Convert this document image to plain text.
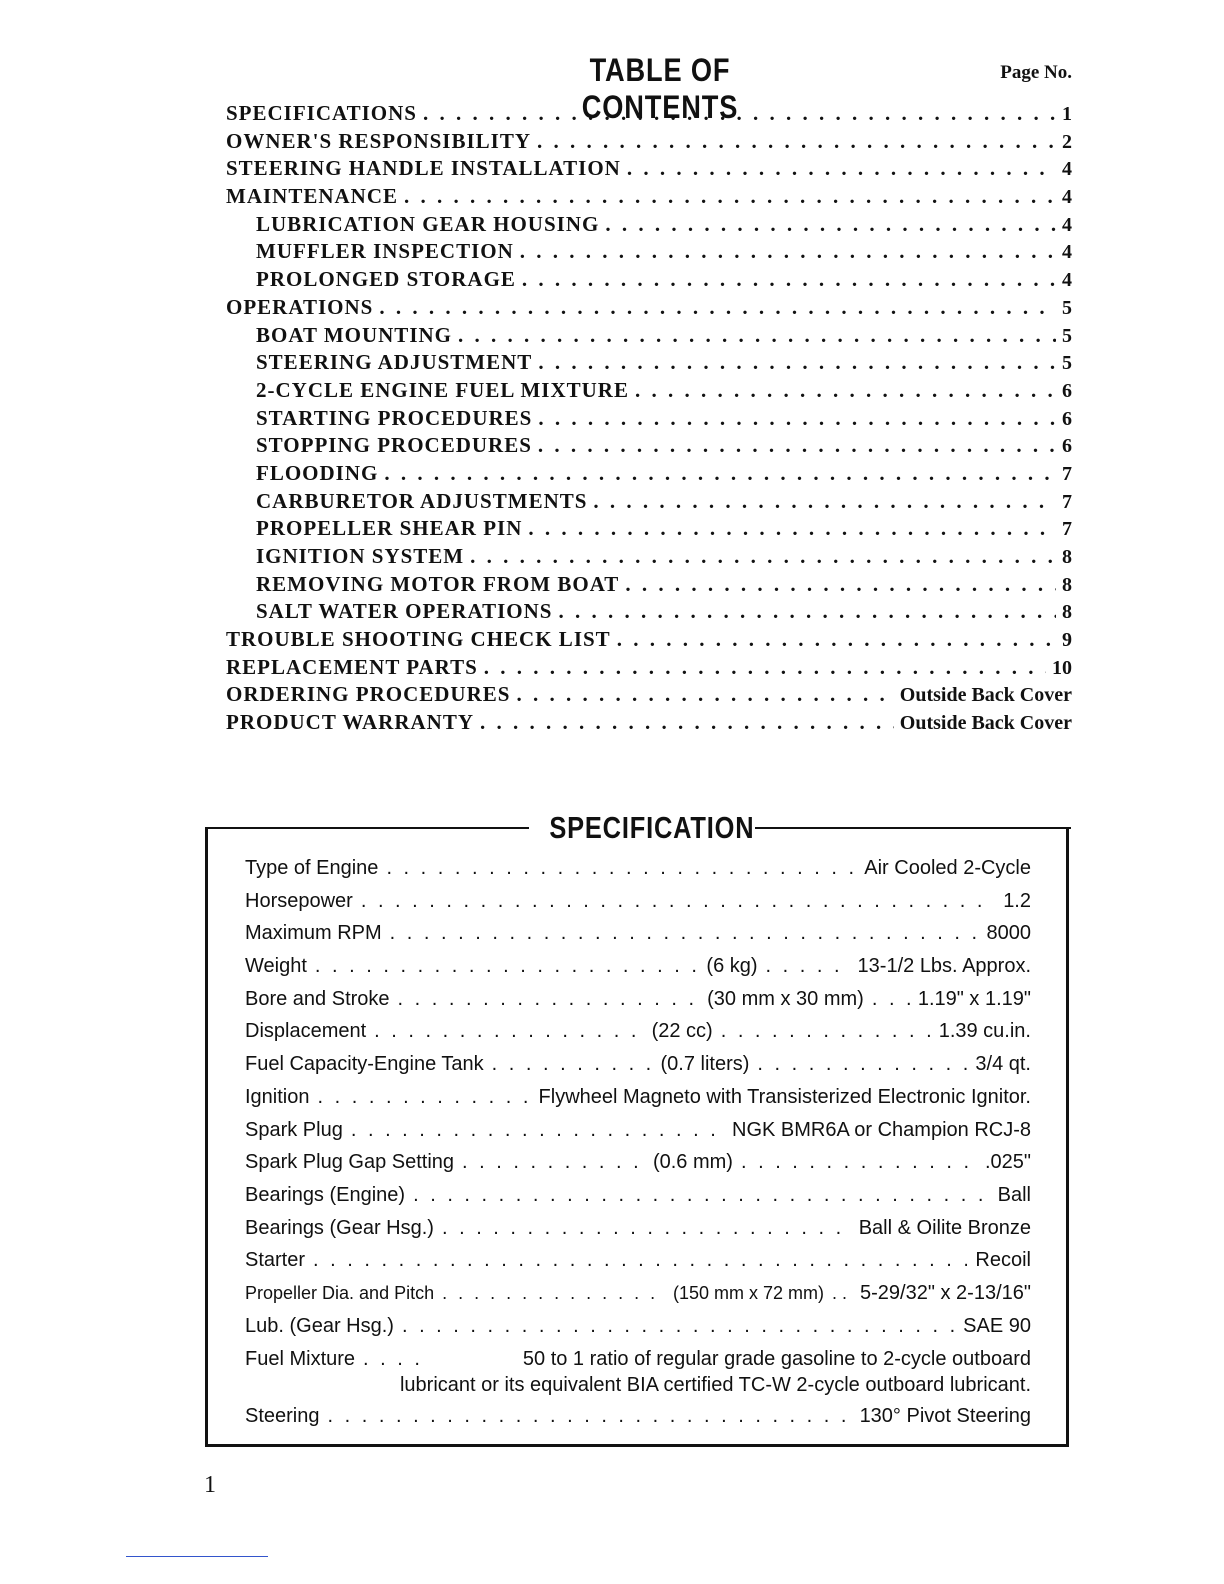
TABLE OF CONTENTS
Page No.
SPECIFICATIONS . . .	1
OWNER'S RESPONSIBILITY . . .	2
STEERING HANDLE INSTALLATION . . .	4
MAINTENANCE . . .	4
LUBRICATION GEAR HOUSING . . .	4
MUFFLER INSPECTION . . .	4
PROLONGED STORAGE . . .	4
OPERATIONS . . .	5
BOAT MOUNTING . . .	5
STEERING ADJUSTMENT . . .	5
2-CYCLE ENGINE FUEL MIXTURE . . .	6
STARTING PROCEDURES . . .	6
STOPPING PROCEDURES . . .	6
FLOODING . . .	7
CARBURETOR ADJUSTMENTS . . .	7
PROPELLER SHEAR PIN . . .	7
IGNITION SYSTEM . . .	8
REMOVING MOTOR FROM BOAT . . .	8
SALT WATER OPERATIONS . . .	8
TROUBLE SHOOTING CHECK LIST . . .	9
REPLACEMENT PARTS . . .	10
ORDERING PROCEDURES . . .	Outside Back Cover
PRODUCT WARRANTY . . .	Outside Back Cover
SPECIFICATION
Type of Engine . . .	Air Cooled 2-Cycle
Horsepower . . .	1.2
Maximum RPM . . .	8000
Weight . . .	(6 kg) . . .	13-1/2 Lbs. Approx.
Bore and Stroke . . .	(30 mm x 30 mm) . . .	1.19" x 1.19"
Displacement . . .	(22 cc) . . .	1.39 cu.in.
Fuel Capacity-Engine Tank . . .	(0.7 liters) . . .	3/4 qt.
Ignition . . .	Flywheel Magneto with Transisterized Electronic Ignitor.
Spark Plug . . .	NGK BMR6A or Champion RCJ-8
Spark Plug Gap Setting . . .	(0.6 mm) . . .	.025"
Bearings (Engine) . . .	Ball
Bearings (Gear Hsg.) . . .	Ball & Oilite Bronze
Starter . . .	Recoil
Propeller Dia. and Pitch . . .	(150 mm x 72 mm) . . . 5-29/32" x 2-13/16"
Lub. (Gear Hsg.) . . .	SAE 90
Fuel Mixture . . .	50 to 1 ratio of regular grade gasoline to 2-cycle outboard
lubricant or its equivalent BIA certified TC-W 2-cycle outboard lubricant.
Steering . . .	130° Pivot Steering
1
